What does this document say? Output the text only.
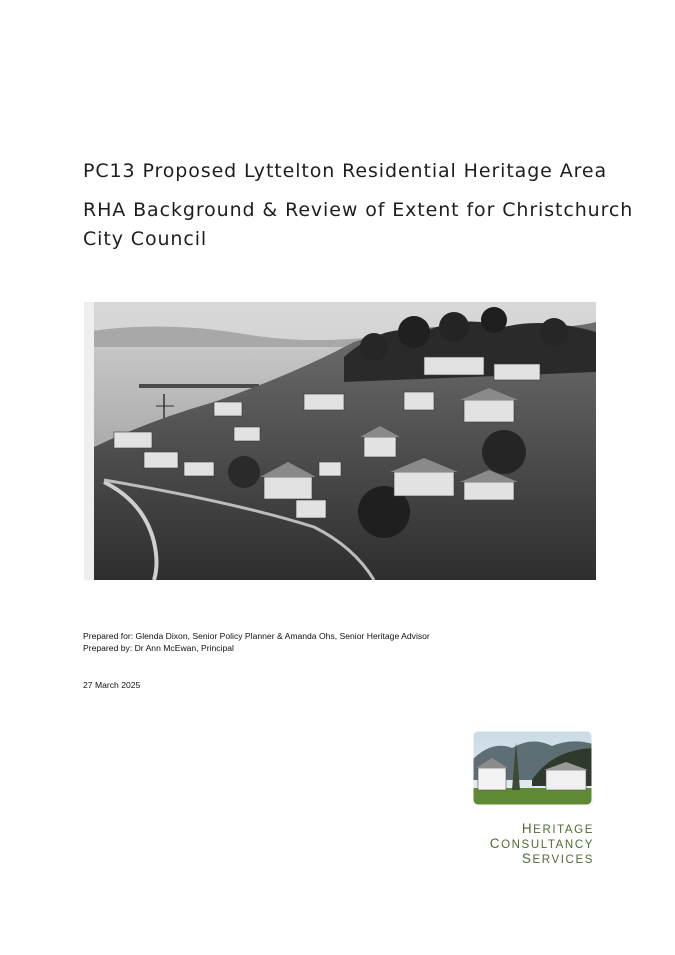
PC13 Proposed Lyttelton Residential Heritage Area
RHA Background & Review of Extent for Christchurch
City Council
Prepared for: Glenda Dixon, Senior Policy Planner & Amanda Ohs, Senior Heritage Advisor
Prepared by: Dr Ann McEwan, Principal
27 March 2025
HERITAGE
CONSULTANCY
SERVICES
